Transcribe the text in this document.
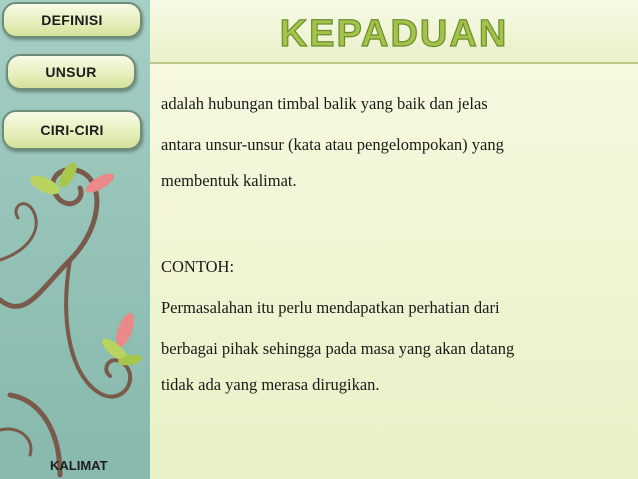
DEFINISI
UNSUR
CIRI-CIRI
KALIMAT
KEPADUAN
adalah hubungan timbal balik yang baik dan jelas
antara unsur-unsur (kata atau pengelompokan) yang
membentuk kalimat.
CONTOH:
Permasalahan itu perlu mendapatkan perhatian dari
berbagai pihak sehingga pada masa yang akan datang
tidak ada yang merasa dirugikan.
